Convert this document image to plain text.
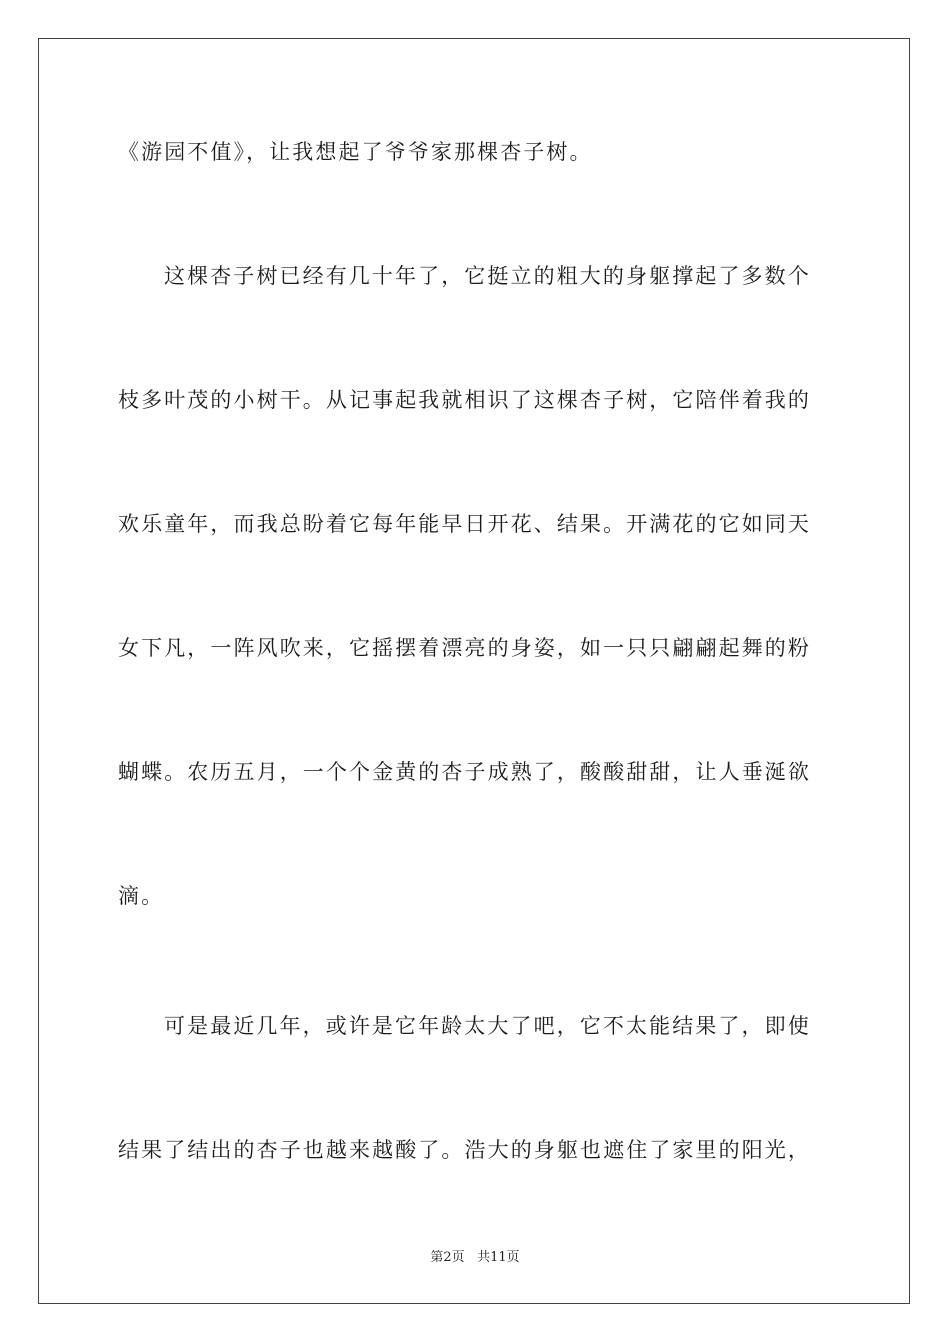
《游园不值》，让我想起了爷爷家那棵杏子树。
这棵杏子树已经有几十年了，它挺立的粗大的身躯撑起了多数个
枝多叶茂的小树干。从记事起我就相识了这棵杏子树，它陪伴着我的
欢乐童年，而我总盼着它每年能早日开花、结果。开满花的它如同天
女下凡，一阵风吹来，它摇摆着漂亮的身姿，如一只只翩翩起舞的粉
蝴蝶。农历五月，一个个金黄的杏子成熟了，酸酸甜甜，让人垂涎欲
滴。
可是最近几年，或许是它年龄太大了吧，它不太能结果了，即使
结果了结出的杏子也越来越酸了。浩大的身躯也遮住了家里的阳光，
第2页 共11页
